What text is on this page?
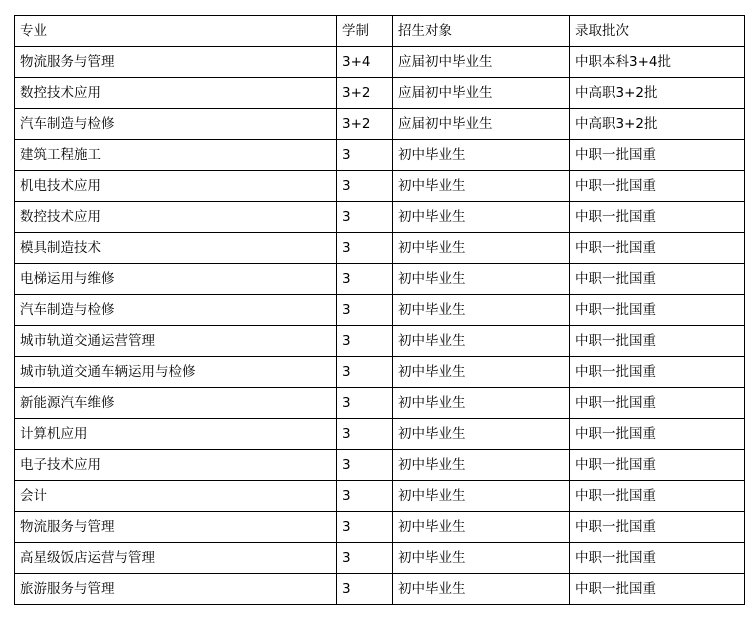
专业	学制	招生对象	录取批次
物流服务与管理	3+4	应届初中毕业生	中职本科3+4批
数控技术应用	3+2	应届初中毕业生	中高职3+2批
汽车制造与检修	3+2	应届初中毕业生	中高职3+2批
建筑工程施工	3	初中毕业生	中职一批国重
机电技术应用	3	初中毕业生	中职一批国重
数控技术应用	3	初中毕业生	中职一批国重
模具制造技术	3	初中毕业生	中职一批国重
电梯运用与维修	3	初中毕业生	中职一批国重
汽车制造与检修	3	初中毕业生	中职一批国重
城市轨道交通运营管理	3	初中毕业生	中职一批国重
城市轨道交通车辆运用与检修	3	初中毕业生	中职一批国重
新能源汽车维修	3	初中毕业生	中职一批国重
计算机应用	3	初中毕业生	中职一批国重
电子技术应用	3	初中毕业生	中职一批国重
会计	3	初中毕业生	中职一批国重
物流服务与管理	3	初中毕业生	中职一批国重
高星级饭店运营与管理	3	初中毕业生	中职一批国重
旅游服务与管理	3	初中毕业生	中职一批国重
